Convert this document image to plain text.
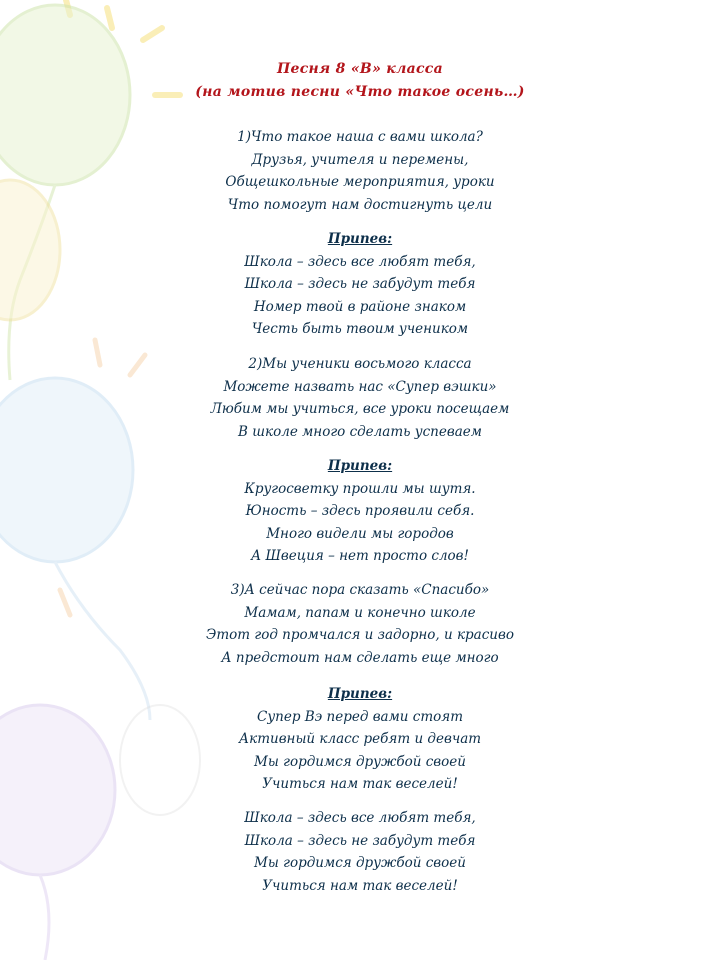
Песня 8 «В» класса
(на мотив песни «Что такое осень…)
1)Что такое наша с вами школа?
Друзья, учителя и перемены,
Общешкольные мероприятия, уроки
Что помогут нам достигнуть цели
Припев:
Школа – здесь все любят тебя,
Школа – здесь не забудут тебя
Номер твой в районе знаком
Честь быть твоим учеником
2)Мы ученики восьмого класса
Можете назвать нас «Супер вэшки»
Любим мы учиться, все уроки посещаем
В школе много сделать успеваем
Припев:
Кругосветку прошли мы шутя.
Юность – здесь проявили себя.
Много видели мы городов
А Швеция – нет просто слов!
3)А сейчас пора сказать «Спасибо»
Мамам, папам и конечно школе
Этот год промчался и задорно, и красиво
А предстоит нам сделать еще много
Припев:
Супер Вэ перед вами стоят
Активный класс ребят и девчат
Мы гордимся дружбой своей
Учиться нам так веселей!
Школа – здесь все любят тебя,
Школа – здесь не забудут тебя
Мы гордимся дружбой своей
Учиться нам так веселей!
